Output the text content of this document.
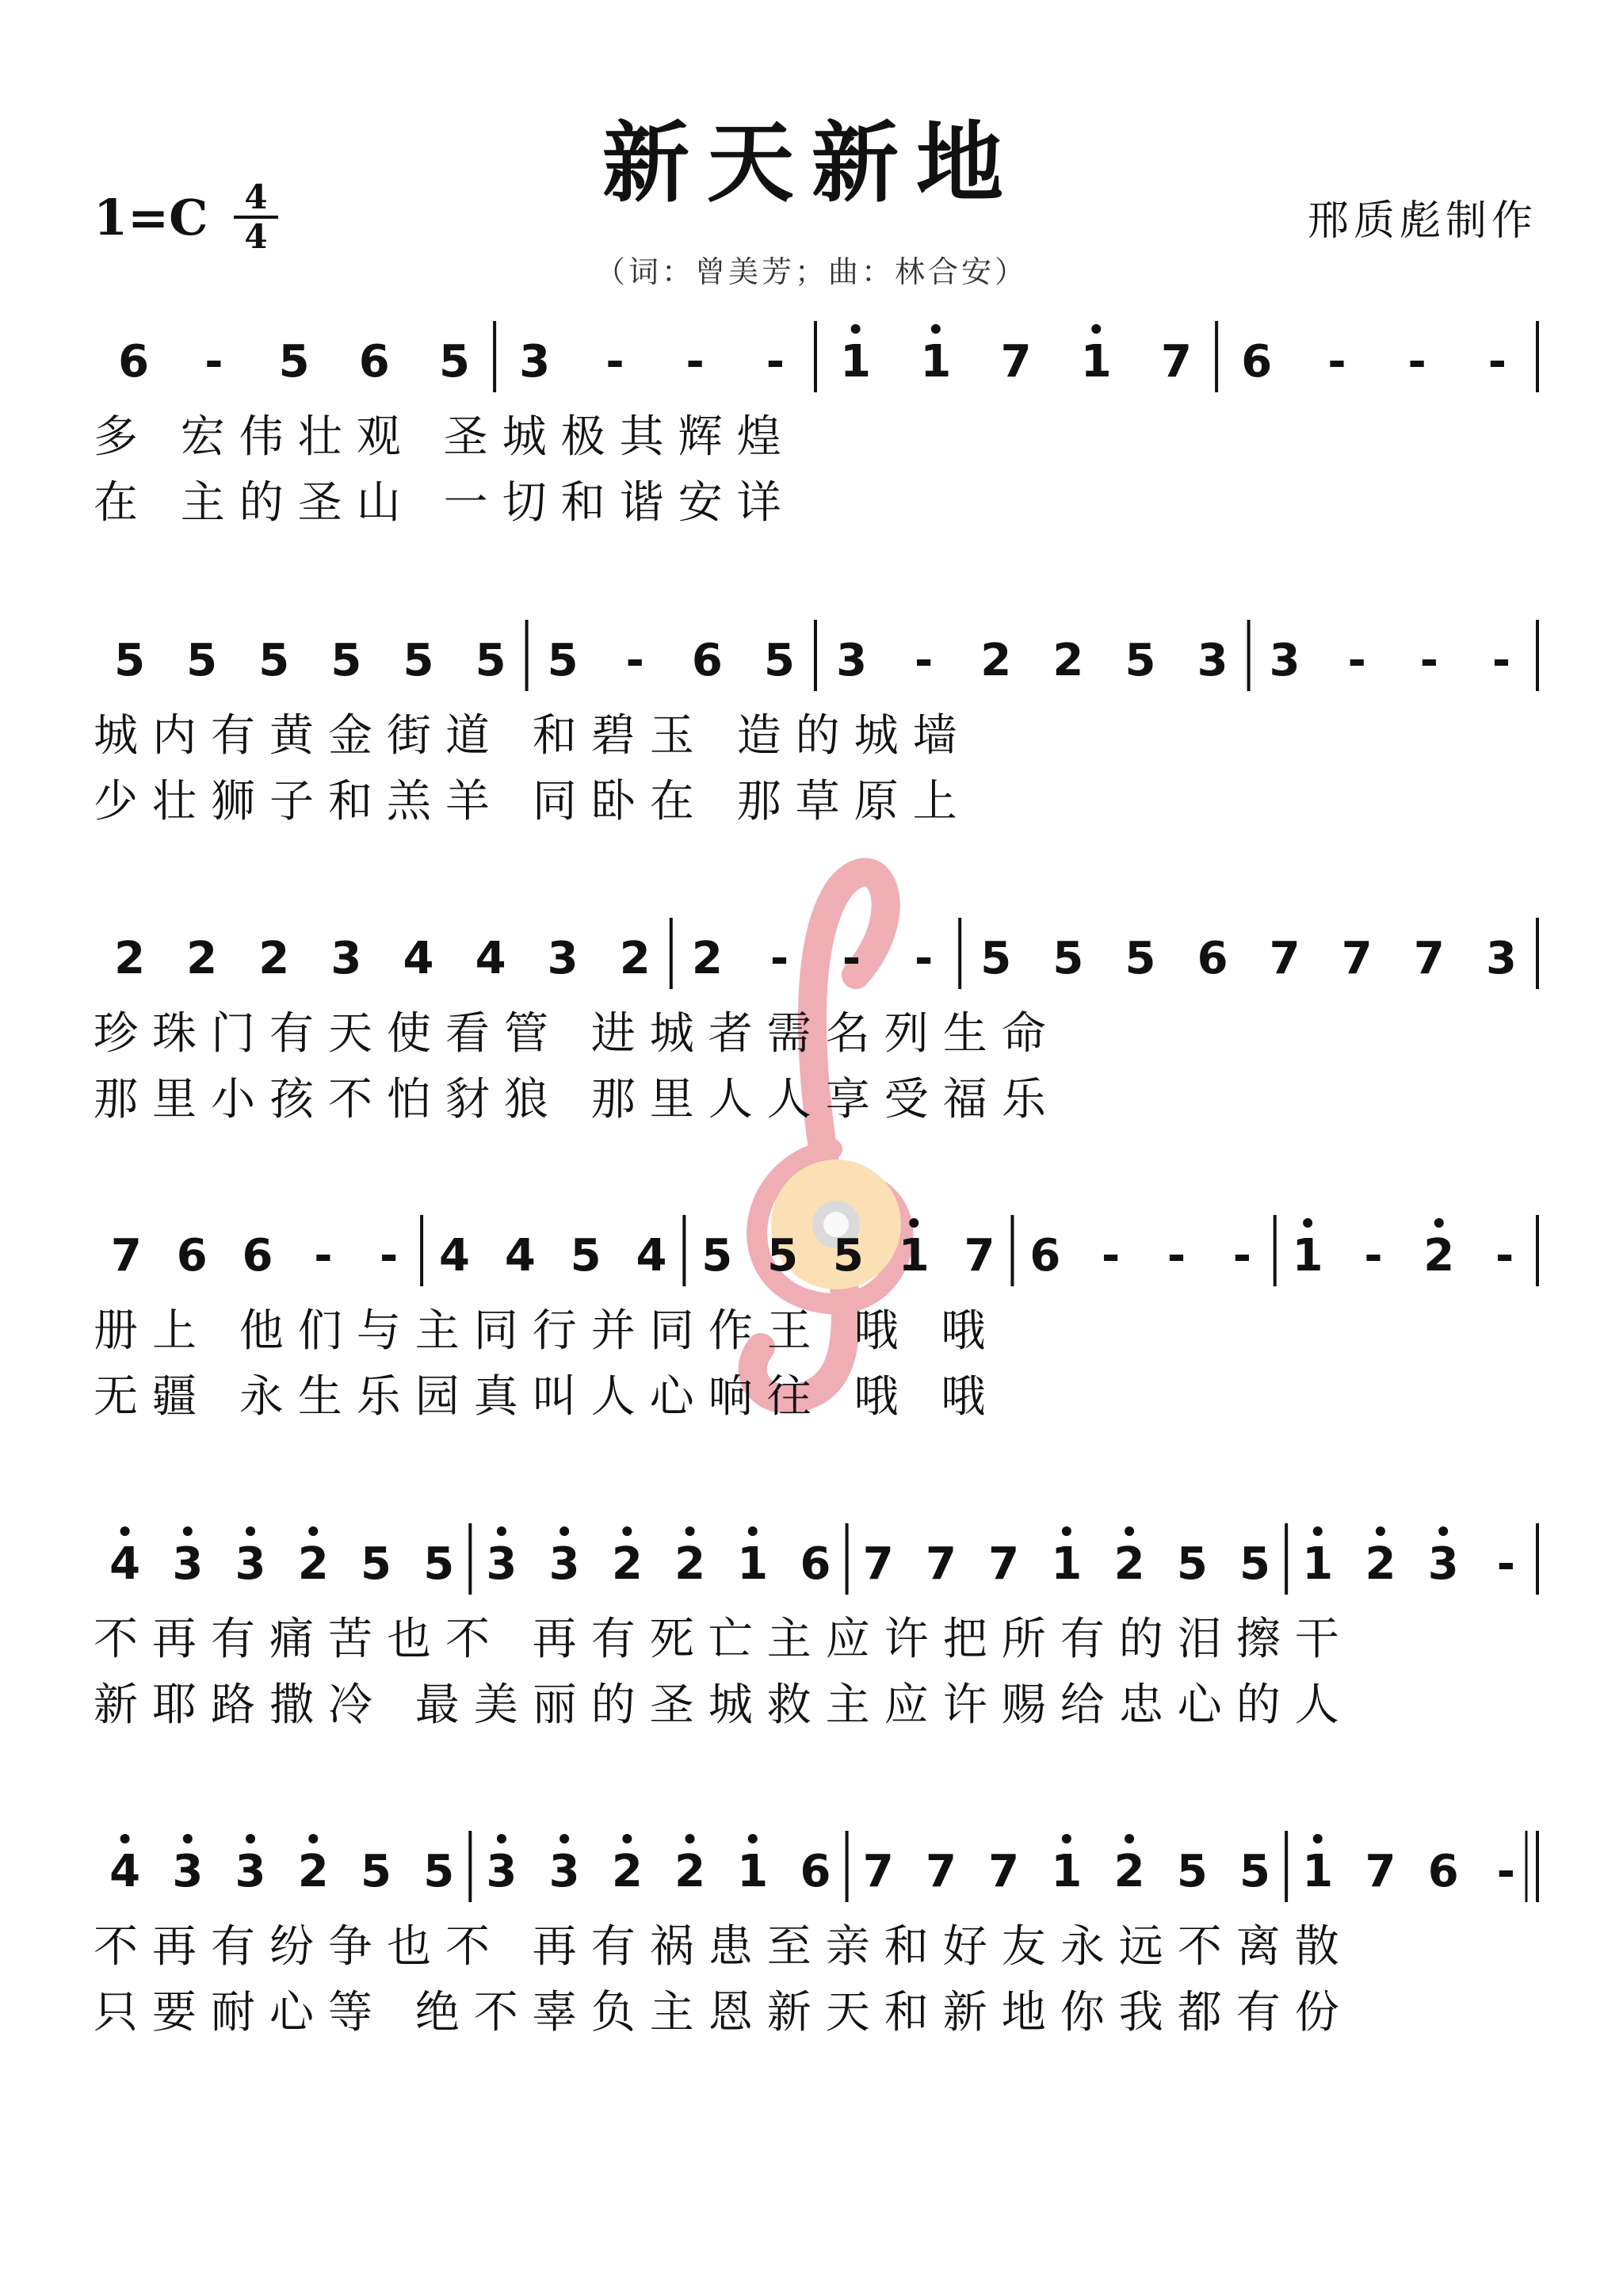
新天新地
1=C	4
4	邢质彪制作
（词：曾美芳；曲：林合安）
6 - 5 6 5 3 - - - 1 1 7 1 7 6 - - -
多 宏伟壮观 圣城极其辉煌
在 主的圣山 一切和谐安详
5 5 5 5 5 5 5 - 6 5 3 - 2 2 5 3 3 - - -
城内有黄金街道 和碧玉 造的城墙
少壮狮子和羔羊 同卧在 那草原上
2 2 2 3 4 4 3 2 2 - - - 5 5 5 6 7 7 7 3
珍珠门有天使看管 进城者需名列生命
那里小孩不怕豺狼 那里人人享受福乐
7 6 6 - - 4 4 5 4 5 5 5 1 7 6 - - - 1 - 2 -
册上 他们与主同行并同作王 哦 哦
无疆 永生乐园真叫人心响往 哦 哦
4 3 3 2 5 5 3 3 2 2 1 6 7 7 7 1 2 5 5 1 2 3 -
不再有痛苦也不 再有死亡主应许把所有的泪擦干
新耶路撒冷 最美丽的圣城救主应许赐给忠心的人
4 3 3 2 5 5 3 3 2 2 1 6 7 7 7 1 2 5 5 1 7 6 -
不再有纷争也不 再有祸患至亲和好友永远不离散
只要耐心等 绝不辜负主恩新天和新地你我都有份
